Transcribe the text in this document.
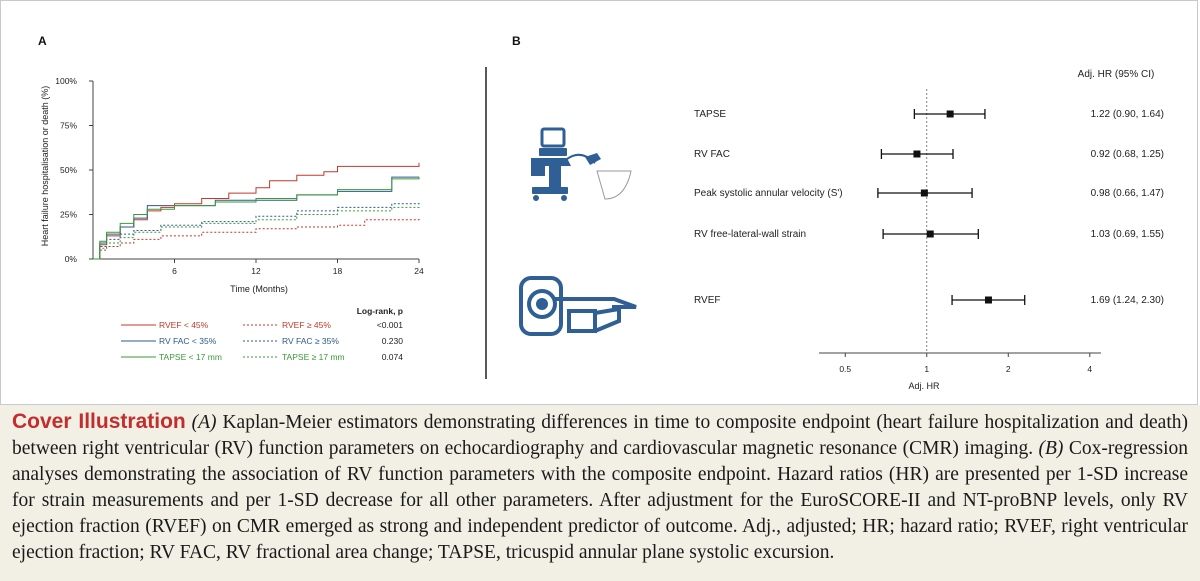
A
0%
25%
50%
75%
100%
6	12	18	24
Heart failure hospitalisation or death (%)
Time (Months)
Log-rank, p
RVEF < 45%	RVEF ≥ 45%	<0.001
RV FAC < 35%	RV FAC ≥ 35%	0.230
TAPSE < 17 mm	TAPSE ≥ 17 mm	0.074
B
0.5	1	2	4
TAPSE	1.22 (0.90, 1.64)
RV FAC	0.92 (0.68, 1.25)
Peak systolic annular velocity (S')	0.98 (0.66, 1.47)
RV free-lateral-wall strain	1.03 (0.69, 1.55)
RVEF	1.69 (1.24, 2.30)
Adj. HR (95% CI)
Adj. HR

Cover Illustration (A) Kaplan-Meier estimators demonstrating differences in time to composite endpoint (heart failure hospitalization and death) between right ventricular (RV) function parameters on echocardiography and cardiovascular magnetic resonance (CMR) imaging. (B) Cox-regression analyses demonstrating the association of RV function parameters with the composite endpoint. Hazard ratios (HR) are presented per 1-SD increase for strain measurements and per 1-SD decrease for all other parameters. After adjustment for the EuroSCORE-II and NT-proBNP levels, only RV ejection fraction (RVEF) on CMR emerged as strong and independent predictor of outcome. Adj., adjusted; HR; hazard ratio; RVEF, right ventricular ejection fraction; RV FAC, RV fractional area change; TAPSE, tricuspid annular plane systolic excursion.
